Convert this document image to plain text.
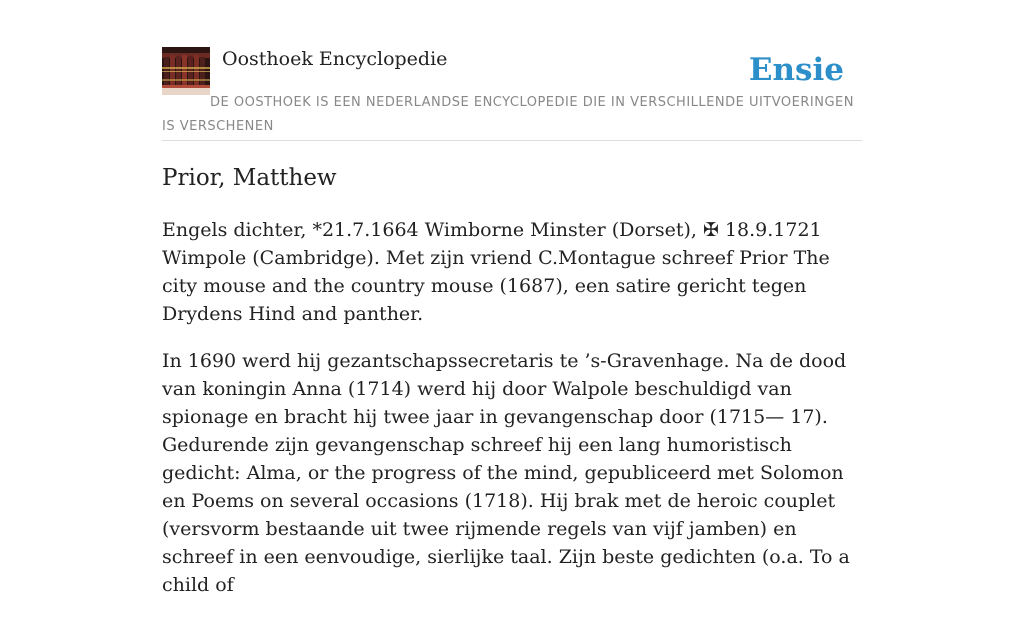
Oosthoek Encyclopedie	Ensie

DE OOSTHOEK IS EEN NEDERLANDSE ENCYCLOPEDIE DIE IN VERSCHILLENDE UITVOERINGEN IS VERSCHENEN

Prior, Matthew

Engels dichter, *21.7.1664 Wimborne Minster (Dorset), ✠ 18.9.1721 Wimpole (Cambridge). Met zijn vriend C.Montague schreef Prior The city mouse and the country mouse (1687), een satire gericht tegen Drydens Hind and panther.

In 1690 werd hij gezantschapssecretaris te ’s-Gravenhage. Na de dood van koningin Anna (1714) werd hij door Walpole beschuldigd van spionage en bracht hij twee jaar in gevangenschap door (1715— 17). Gedurende zijn gevangenschap schreef hij een lang humoristisch gedicht: Alma, or the progress of the mind, gepubliceerd met Solomon en Poems on several occasions (1718). Hij brak met de heroic couplet (versvorm bestaande uit twee rijmende regels van vijf jamben) en schreef in een eenvoudige, sierlijke taal. Zijn beste gedichten (o.a. To a child of
